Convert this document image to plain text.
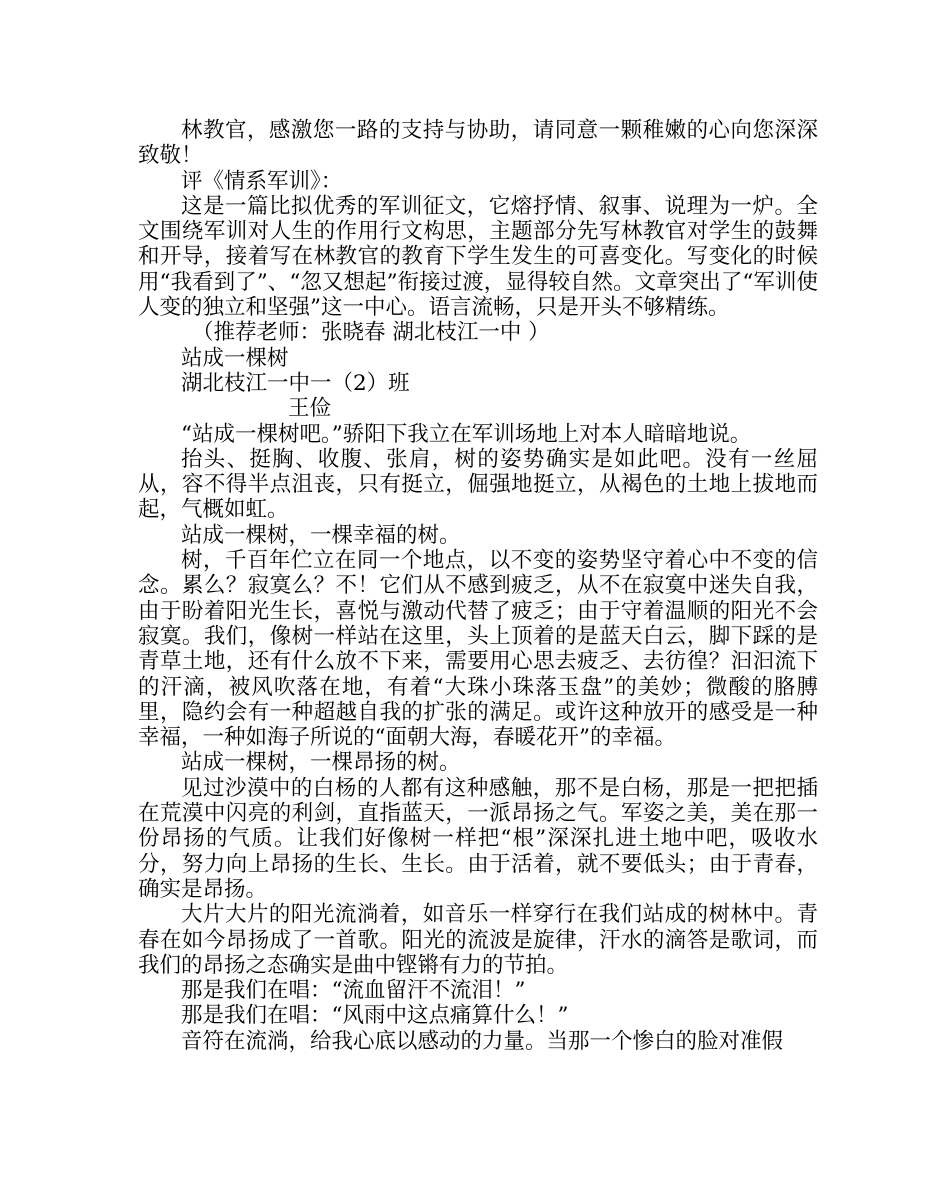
林教官，感激您一路的支持与协助，请同意一颗稚嫩的心向您深深致敬！

评《情系军训》：

这是一篇比拟优秀的军训征文，它熔抒情、叙事、说理为一炉。全文围绕军训对人生的作用行文构思，主题部分先写林教官对学生的鼓舞和开导，接着写在林教官的教育下学生发生的可喜变化。写变化的时候用“我看到了”、“忽又想起”衔接过渡，显得较自然。文章突出了“军训使人变的独立和坚强”这一中心。语言流畅，只是开头不够精练。

（推荐老师：张晓春 湖北枝江一中 ）

站成一棵树

湖北枝江一中一（2）班

王俭

“站成一棵树吧。”骄阳下我立在军训场地上对本人暗暗地说。

抬头、挺胸、收腹、张肩，树的姿势确实是如此吧。没有一丝屈从，容不得半点沮丧，只有挺立，倔强地挺立，从褐色的土地上拔地而起，气概如虹。

站成一棵树，一棵幸福的树。

树，千百年伫立在同一个地点，以不变的姿势坚守着心中不变的信念。累么？寂寞么？不！它们从不感到疲乏，从不在寂寞中迷失自我，由于盼着阳光生长，喜悦与激动代替了疲乏；由于守着温顺的阳光不会寂寞。我们，像树一样站在这里，头上顶着的是蓝天白云，脚下踩的是青草土地，还有什么放不下来，需要用心思去疲乏、去彷徨？汩汩流下的汗滴，被风吹落在地，有着“大珠小珠落玉盘”的美妙；微酸的胳膊里，隐约会有一种超越自我的扩张的满足。或许这种放开的感受是一种幸福，一种如海子所说的“面朝大海，春暖花开”的幸福。

站成一棵树，一棵昂扬的树。

见过沙漠中的白杨的人都有这种感触，那不是白杨，那是一把把插在荒漠中闪亮的利剑，直指蓝天，一派昂扬之气。军姿之美，美在那一份昂扬的气质。让我们好像树一样把“根”深深扎进土地中吧，吸收水分，努力向上昂扬的生长、生长。由于活着，就不要低头；由于青春，确实是昂扬。

大片大片的阳光流淌着，如音乐一样穿行在我们站成的树林中。青春在如今昂扬成了一首歌。阳光的流波是旋律，汗水的滴答是歌词，而我们的昂扬之态确实是曲中铿锵有力的节拍。

那是我们在唱：“流血留汗不流泪！”

那是我们在唱：“风雨中这点痛算什么！”

音符在流淌，给我心底以感动的力量。当那一个惨白的脸对准假
